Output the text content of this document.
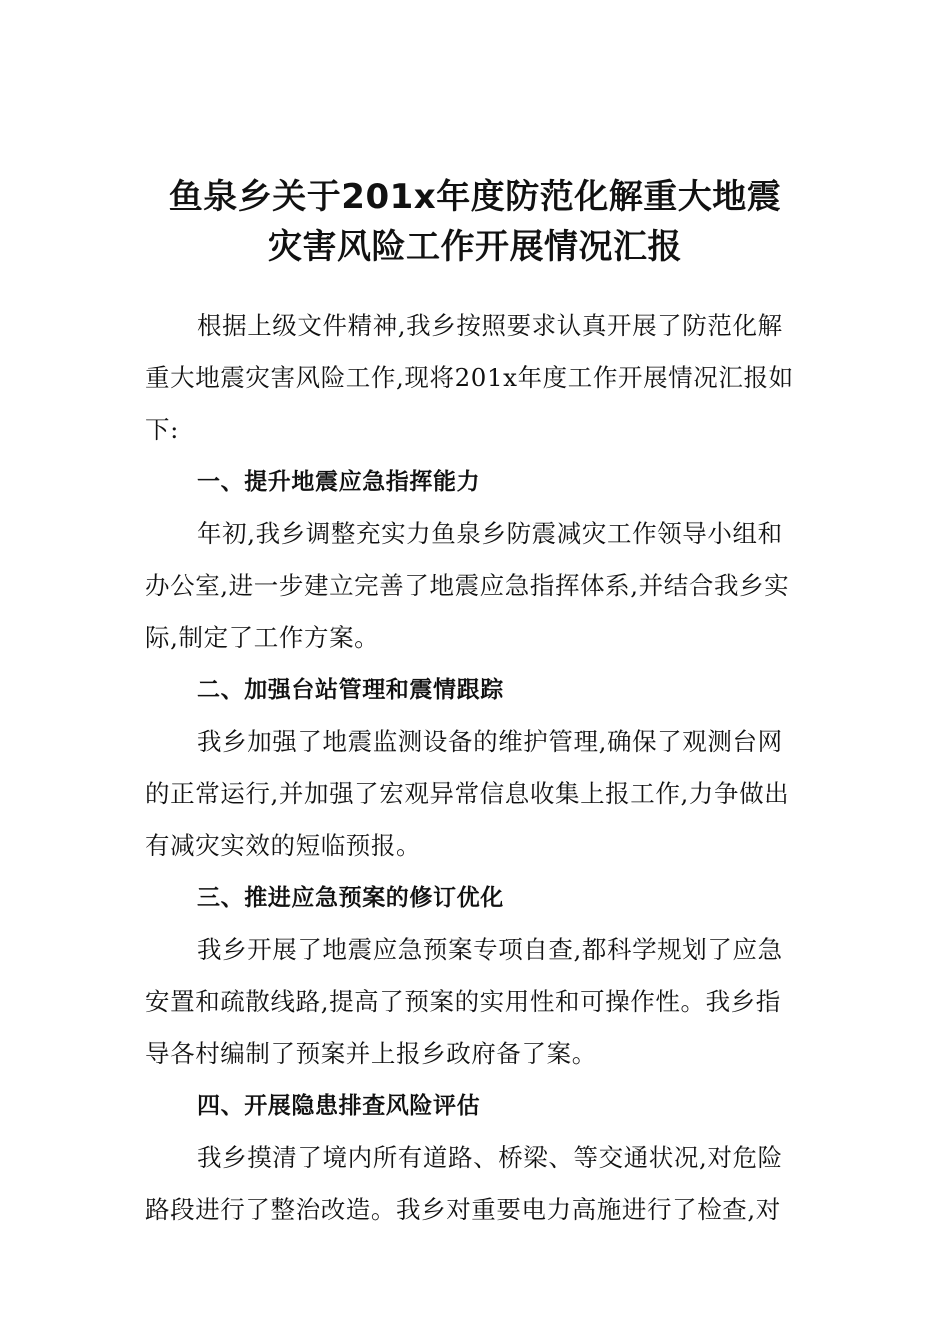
鱼泉乡关于201x年度防范化解重大地震
灾害风险工作开展情况汇报

根据上级文件精神,我乡按照要求认真开展了防范化解重大地震灾害风险工作,现将201x年度工作开展情况汇报如下:

一、提升地震应急指挥能力

年初,我乡调整充实力鱼泉乡防震减灾工作领导小组和办公室,进一步建立完善了地震应急指挥体系,并结合我乡实际,制定了工作方案。

二、加强台站管理和震情跟踪

我乡加强了地震监测设备的维护管理,确保了观测台网的正常运行,并加强了宏观异常信息收集上报工作,力争做出有减灾实效的短临预报。

三、推进应急预案的修订优化

我乡开展了地震应急预案专项自查,都科学规划了应急安置和疏散线路,提高了预案的实用性和可操作性。我乡指导各村编制了预案并上报乡政府备了案。

四、开展隐患排查风险评估

我乡摸清了境内所有道路、桥梁、等交通状况,对危险路段进行了整治改造。我乡对重要电力高施进行了检查,对
